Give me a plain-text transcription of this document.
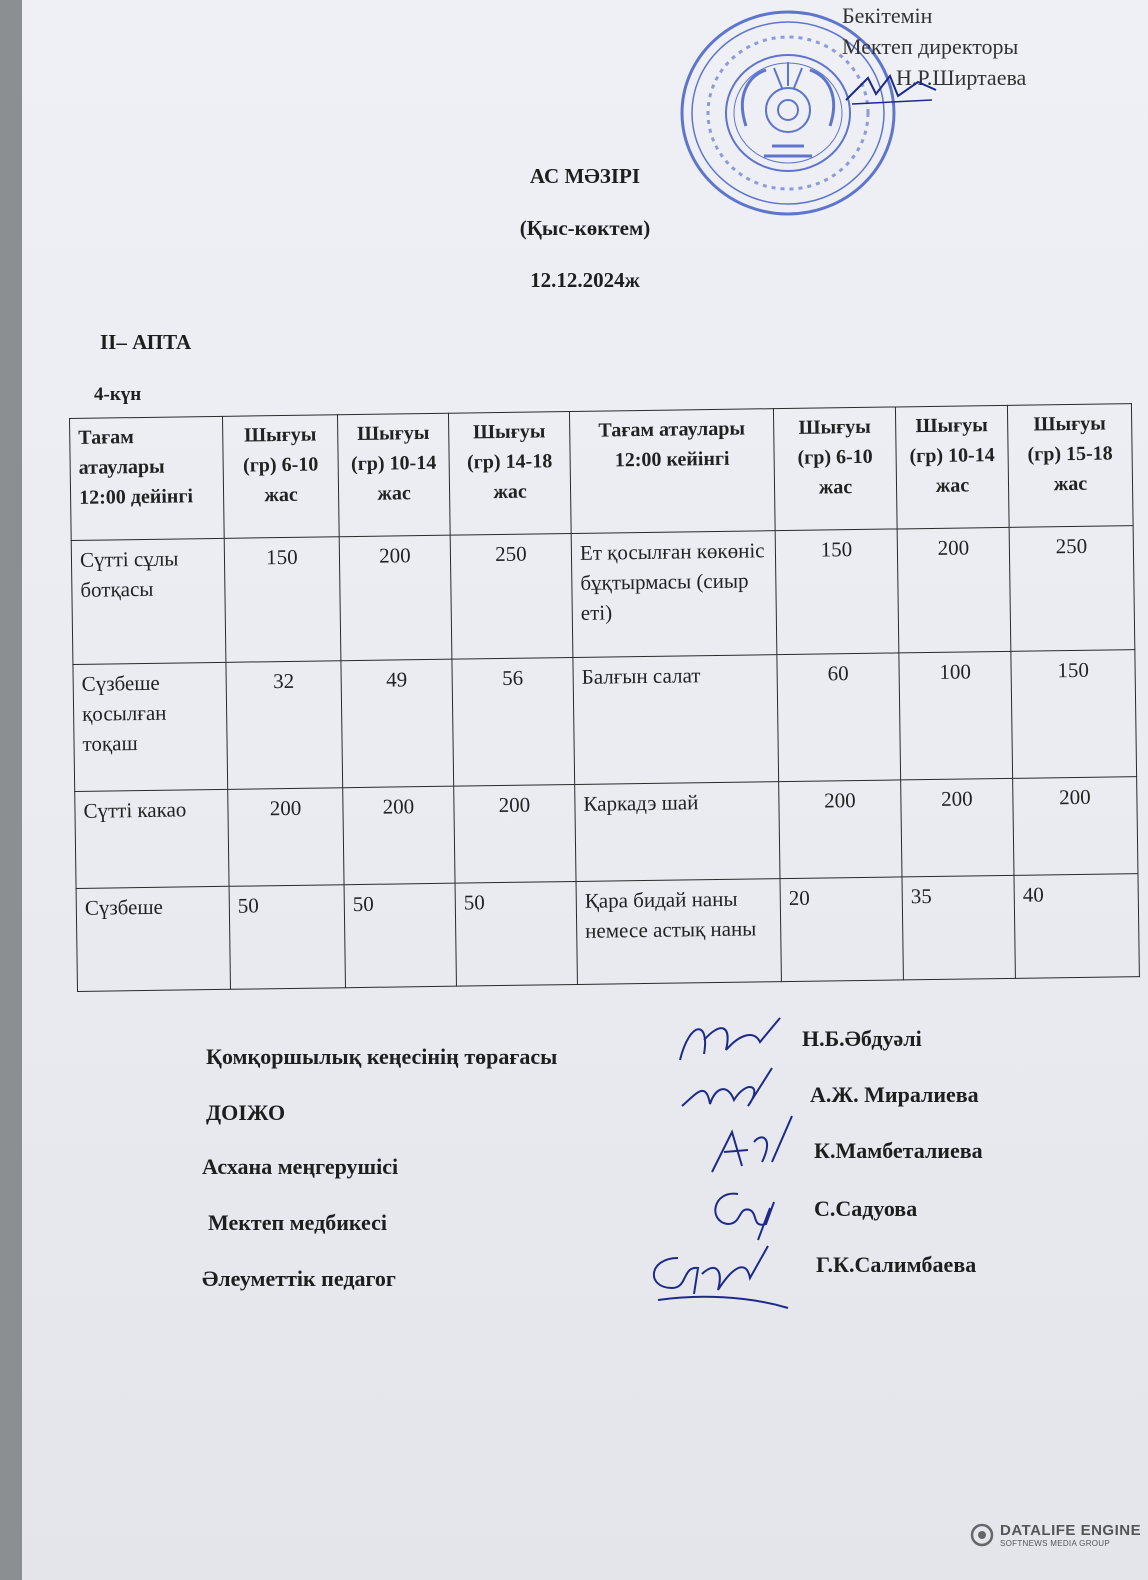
Бекітемін
Мектеп директоры
Н.Р.Ширтаева
АС МӘЗІРІ
(Қыс-көктем)
12.12.2024ж
ІІ– АПТА
4-күн
Тағам атаулары 12:00 дейінгі	Шығуы (гр) 6-10 жас	Шығуы (гр) 10-14 жас	Шығуы (гр) 14-18 жас	Тағам атаулары 12:00 кейінгі	Шығуы (гр) 6-10 жас	Шығуы (гр) 10-14 жас	Шығуы (гр) 15-18 жас
Сүтті сұлы ботқасы	150	200	250	Ет қосылған көкөніс бұқтырмасы (сиыр еті)	150	200	250
Сүзбеше қосылған тоқаш	32	49	56	Балғын салат	60	100	150
Сүтті какао	200	200	200	Каркадэ шай	200	200	200
Сүзбеше	50	50	50	Қара бидай наны немесе астық наны	20	35	40
Қомқоршылық кеңесінің төрағасы
ДОІЖО
Асхана меңгерушісі
Мектеп медбикесі
Әлеуметтік педагог
Н.Б.Әбдуәлі
А.Ж. Миралиева
К.Мамбеталиева
С.Садуова
Г.К.Салимбаева
DATALIFE ENGINE
SOFTNEWS MEDIA GROUP
